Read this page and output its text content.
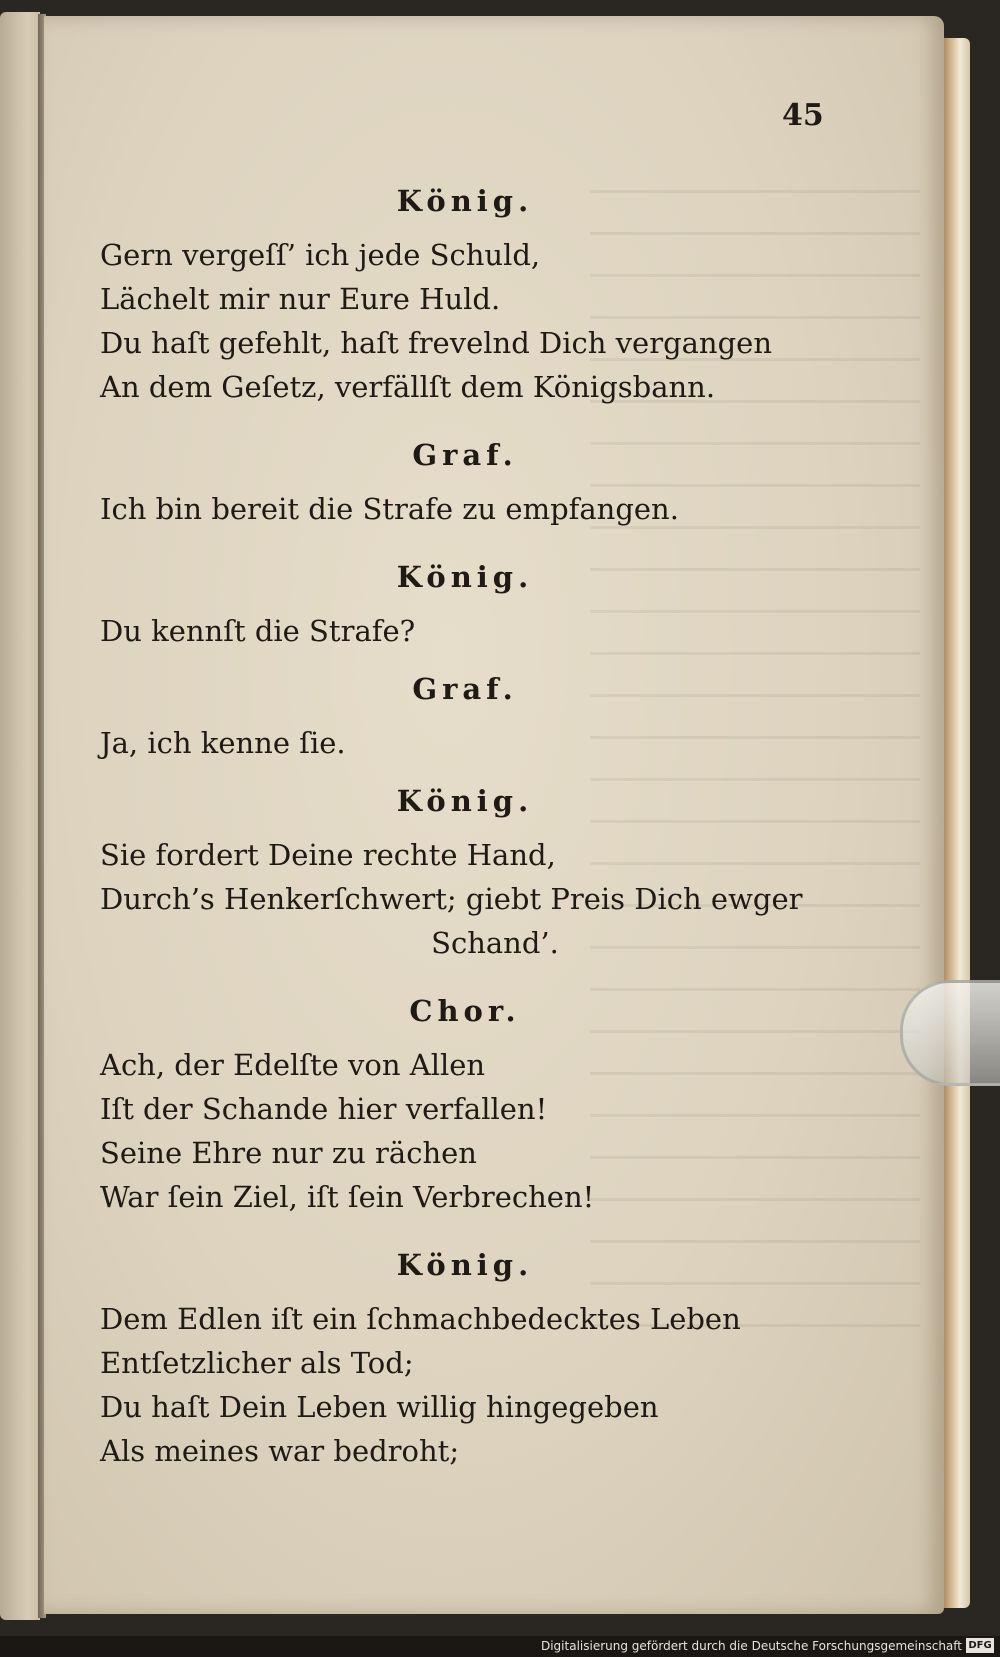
45
König.
Gern vergeſſ’ ich jede Schuld,
Lächelt mir nur Eure Huld.
Du haſt gefehlt, haſt frevelnd Dich vergangen
An dem Geſetz, verfällſt dem Königsbann.
Graf.
Ich bin bereit die Strafe zu empfangen.
König.
Du kennſt die Strafe?
Graf.
Ja, ich kenne ſie.
König.
Sie fordert Deine rechte Hand,
Durch’s Henkerſchwert; giebt Preis Dich ewger
Schand’.
Chor.
Ach, der Edelſte von Allen
Iſt der Schande hier verfallen!
Seine Ehre nur zu rächen
War ſein Ziel, iſt ſein Verbrechen!
König.
Dem Edlen iſt ein ſchmachbedecktes Leben
Entſetzlicher als Tod;
Du haſt Dein Leben willig hingegeben
Als meines war bedroht;
Digitalisierung gefördert durch die Deutsche Forschungsgemeinschaft DFG
